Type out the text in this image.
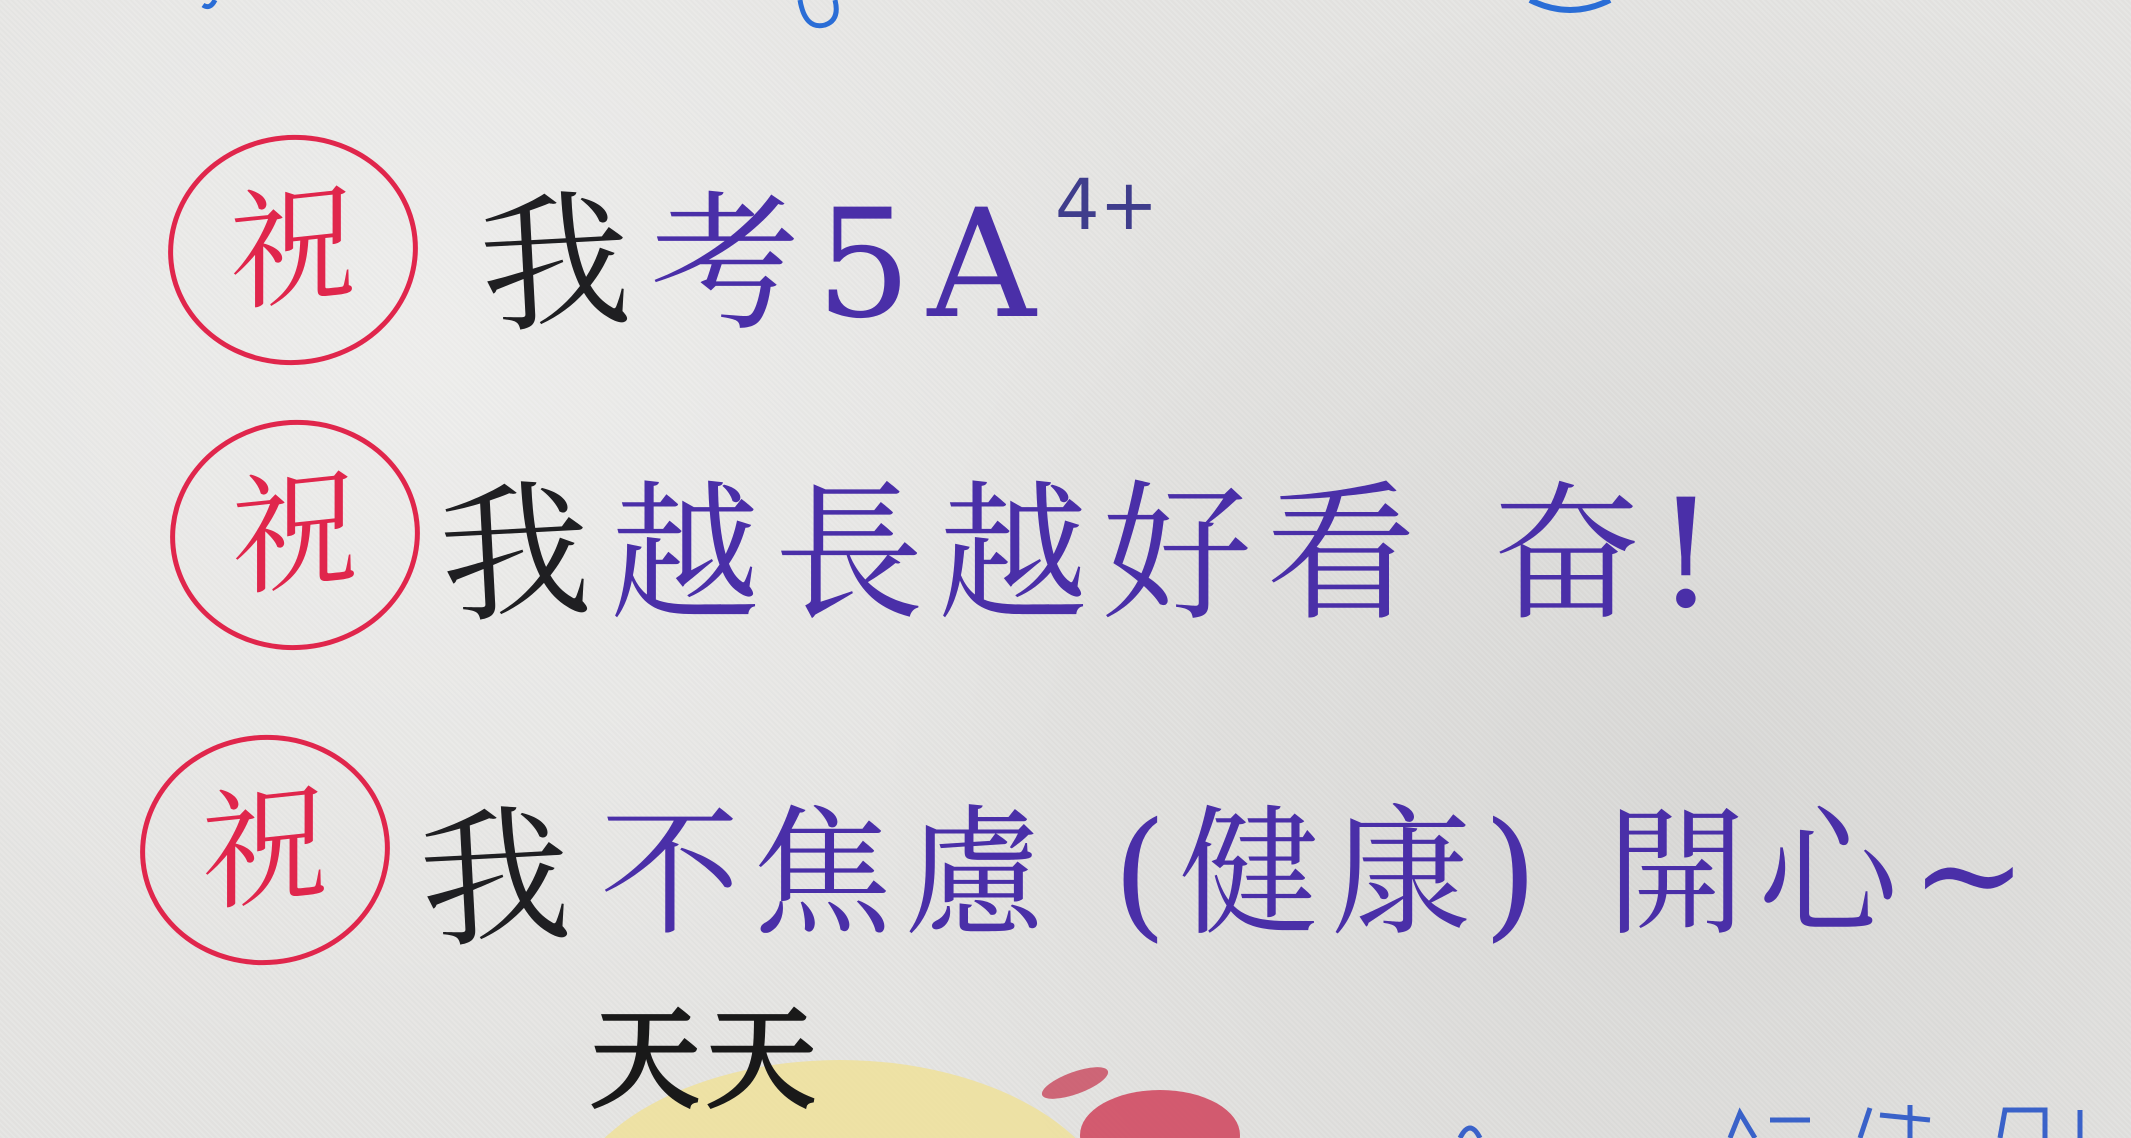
祝 我 考5A 4+
祝 我 越長越好看 奋!
祝 我 不焦慮 (健康) 開心~
天天
